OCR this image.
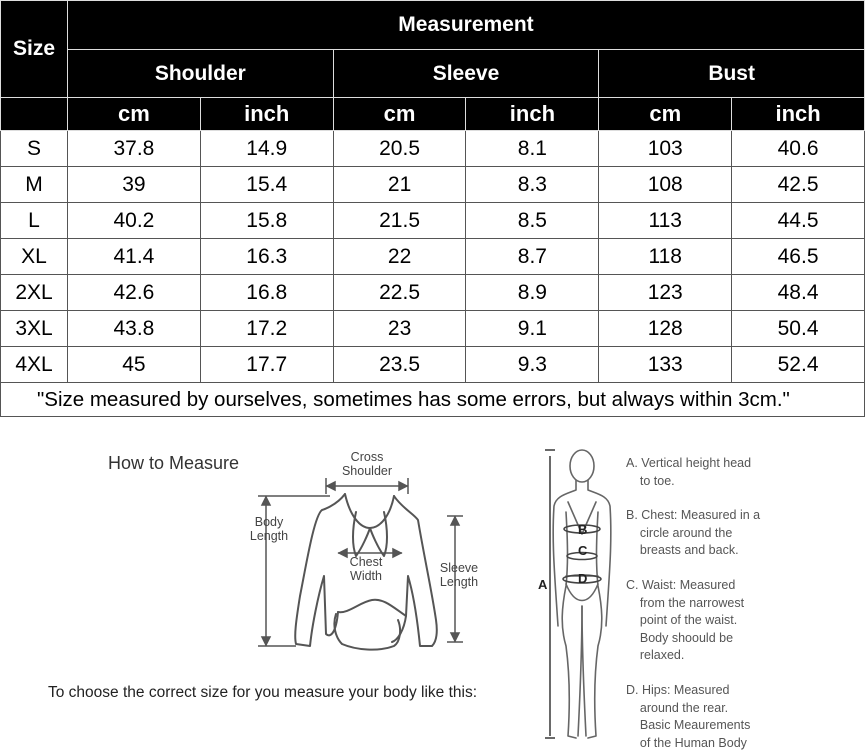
Size	Measurement					
	Shoulder		Sleeve		Bust	
	cm	inch	cm	inch	cm	inch
S	37.8	14.9	20.5	8.1	103	40.6
M	39	15.4	21	8.3	108	42.5
L	40.2	15.8	21.5	8.5	113	44.5
XL	41.4	16.3	22	8.7	118	46.5
2XL	42.6	16.8	22.5	8.9	123	48.4
3XL	43.8	17.2	23	9.1	128	50.4
4XL	45	17.7	23.5	9.3	133	52.4
"Size measured by ourselves, sometimes has some errors, but always within 3cm."						
How to Measure
To choose the correct size for you measure your body like this:
Cross
Shoulder
Body
Length
Chest
Width
Sleeve
Length	A
B
C
D
A. Vertical height head
to toe.
B. Chest: Measured in a
circle around the
breasts and back.
C. Waist: Measured
from the narrowest
point of the waist.
Body shoould be
relaxed.
D. Hips: Measured
around the rear.
Basic Meaurements
of the Human Body
